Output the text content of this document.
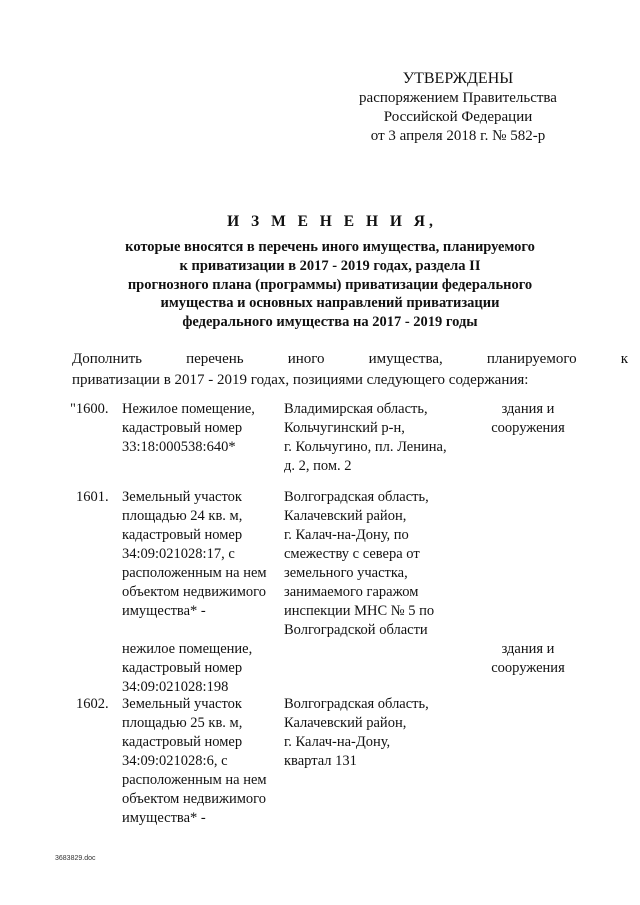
УТВЕРЖДЕНЫ
распоряжением Правительства
Российской Федерации
от 3 апреля 2018 г. № 582-р
И З М Е Н Е Н И Я,
которые вносятся в перечень иного имущества, планируемого
к приватизации в 2017 - 2019 годах, раздела II
прогнозного плана (программы) приватизации федерального
имущества и основных направлений приватизации
федерального имущества на 2017 - 2019 годы
Дополнить перечень иного имущества, планируемого к
приватизации в 2017 - 2019 годах, позициями следующего содержания:
"1600. Нежилое помещение,
кадастровый номер
33:18:000538:640*
Владимирская область,
Кольчугинский р-н,
г. Кольчугино, пл. Ленина,
д. 2, пом. 2
здания и
сооружения
1601. Земельный участок
площадью 24 кв. м,
кадастровый номер
34:09:021028:17, с
расположенным на нем
объектом недвижимого
имущества* -
Волгоградская область,
Калачевский район,
г. Калач-на-Дону, по
смежеству с севера от
земельного участка,
занимаемого гаражом
инспекции МНС № 5 по
Волгоградской области
нежилое помещение,
кадастровый номер
34:09:021028:198
здания и
сооружения
1602. Земельный участок
площадью 25 кв. м,
кадастровый номер
34:09:021028:6, с
расположенным на нем
объектом недвижимого
имущества* -
Волгоградская область,
Калачевский район,
г. Калач-на-Дону,
квартал 131
3683829.doc
